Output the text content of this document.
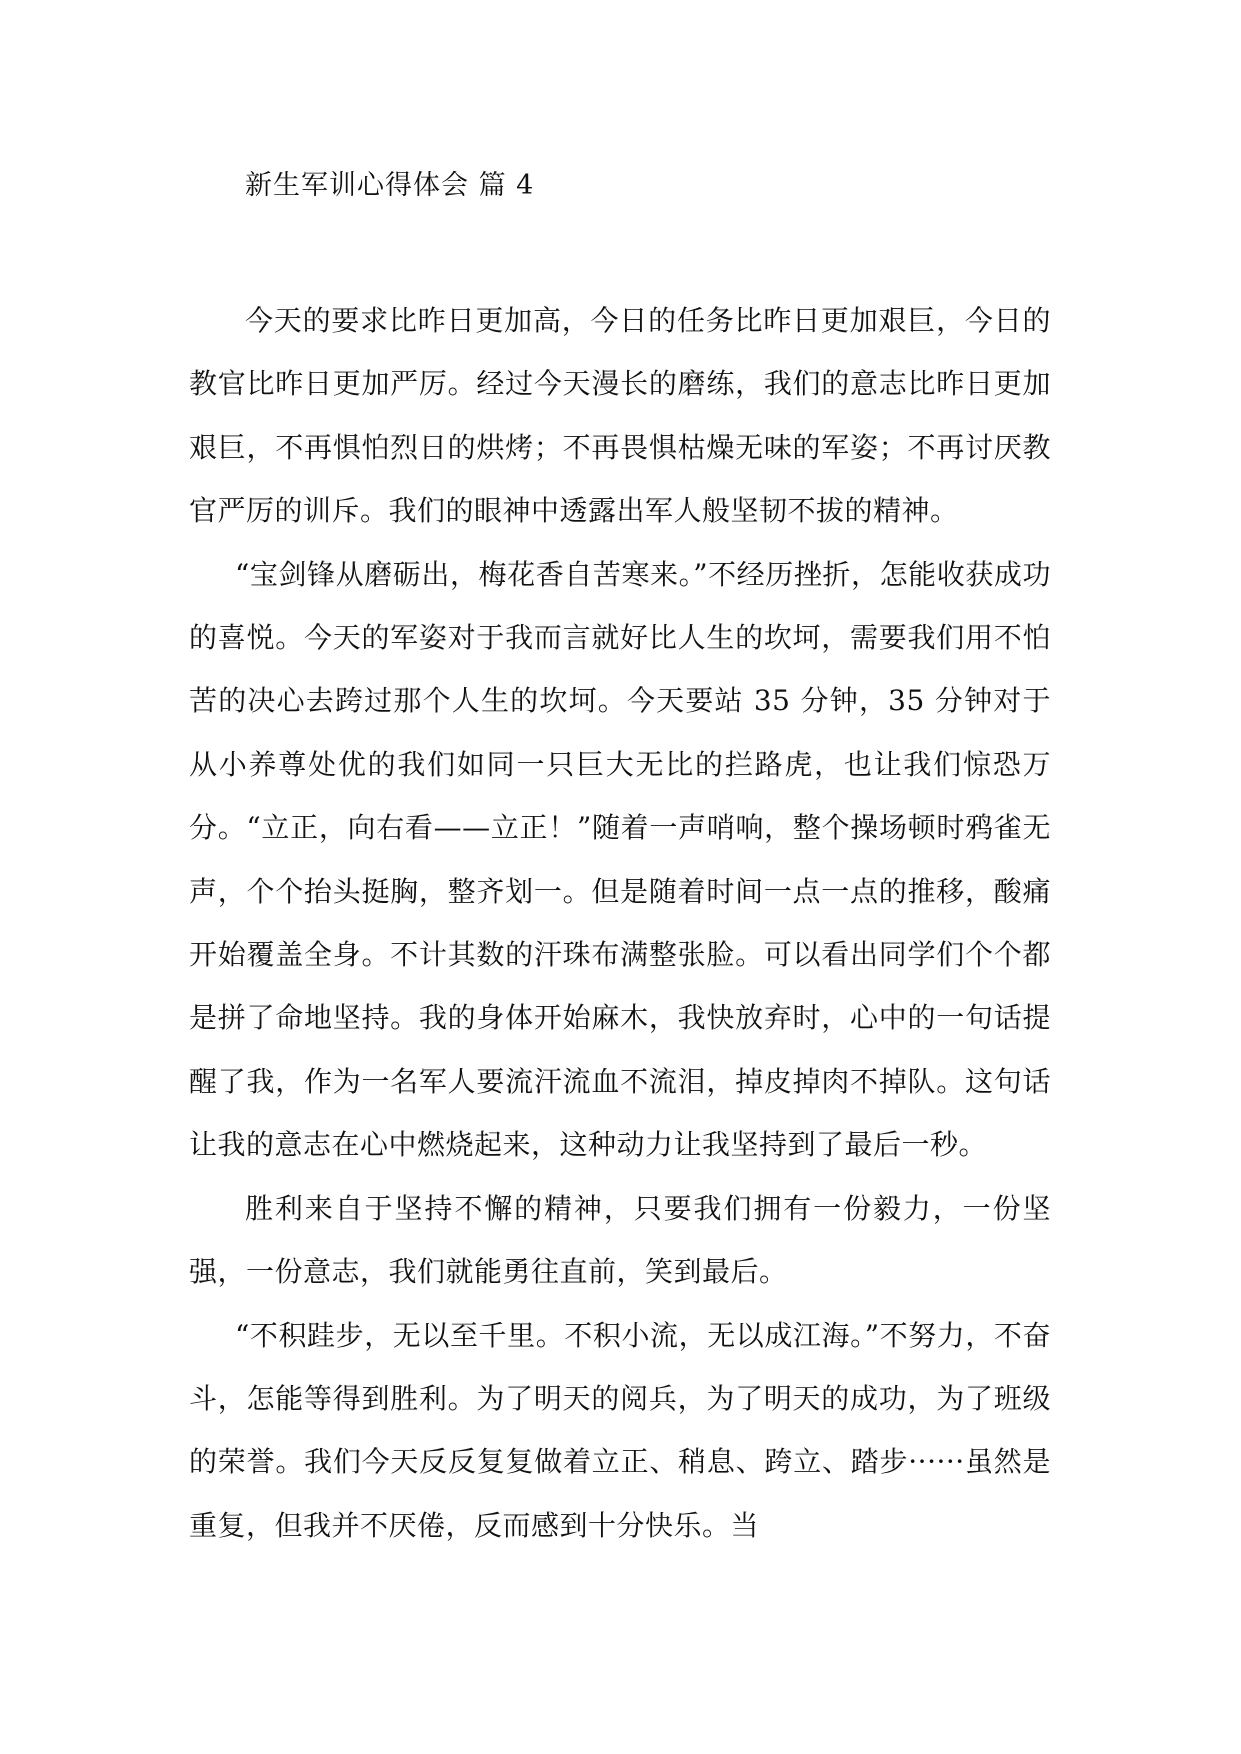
新生军训心得体会 篇 4

今天的要求比昨日更加高，今日的任务比昨日更加艰巨，今日的教官比昨日更加严厉。经过今天漫长的磨练，我们的意志比昨日更加艰巨，不再惧怕烈日的烘烤；不再畏惧枯燥无味的军姿；不再讨厌教官严厉的训斥。我们的眼神中透露出军人般坚韧不拔的精神。

“宝剑锋从磨砺出，梅花香自苦寒来。”不经历挫折，怎能收获成功的喜悦。今天的军姿对于我而言就好比人生的坎坷，需要我们用不怕苦的决心去跨过那个人生的坎坷。今天要站 35 分钟，35 分钟对于从小养尊处优的我们如同一只巨大无比的拦路虎，也让我们惊恐万分。“立正，向右看——立正！”随着一声哨响，整个操场顿时鸦雀无声，个个抬头挺胸，整齐划一。但是随着时间一点一点的推移，酸痛开始覆盖全身。不计其数的汗珠布满整张脸。可以看出同学们个个都是拼了命地坚持。我的身体开始麻木，我快放弃时，心中的一句话提醒了我，作为一名军人要流汗流血不流泪，掉皮掉肉不掉队。这句话让我的意志在心中燃烧起来，这种动力让我坚持到了最后一秒。

胜利来自于坚持不懈的精神，只要我们拥有一份毅力，一份坚强，一份意志，我们就能勇往直前，笑到最后。

“不积跬步，无以至千里。不积小流，无以成江海。”不努力，不奋斗，怎能等得到胜利。为了明天的阅兵，为了明天的成功，为了班级的荣誉。我们今天反反复复做着立正、稍息、跨立、踏步······虽然是重复，但我并不厌倦，反而感到十分快乐。当
